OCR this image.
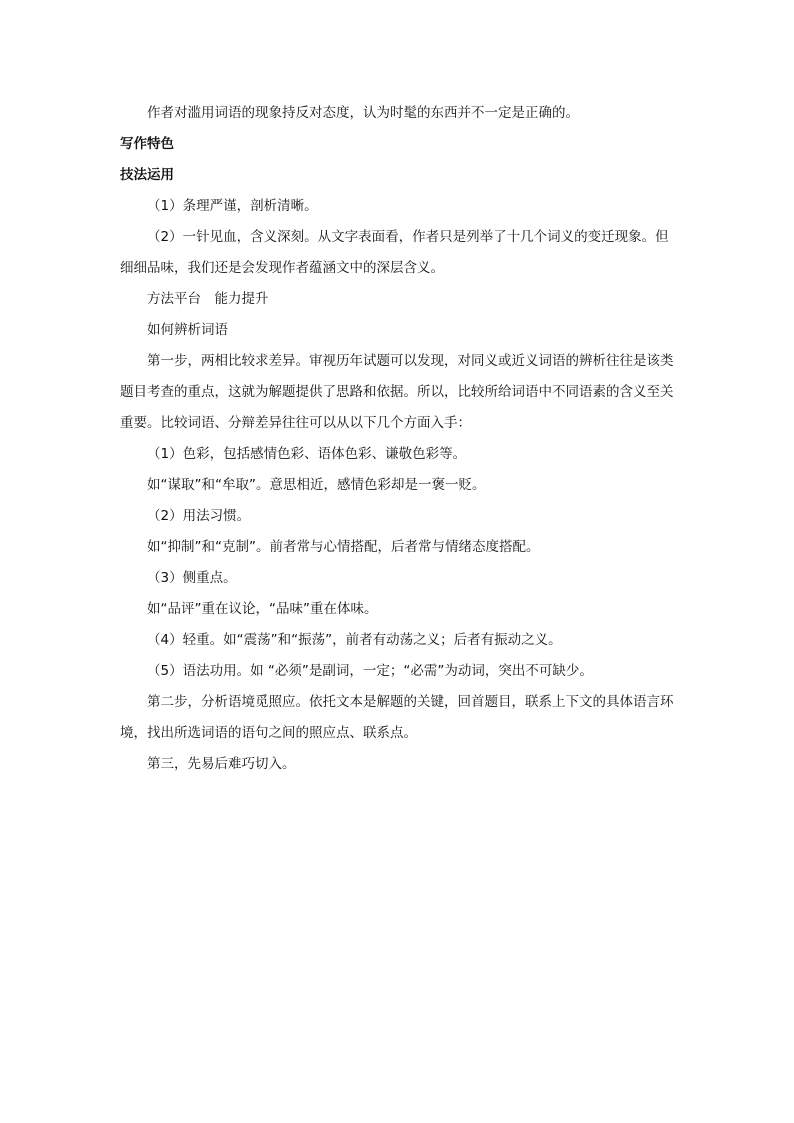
作者对滥用词语的现象持反对态度，认为时髦的东西并不一定是正确的。

写作特色

技法运用

（1）条理严谨，剖析清晰。

（2）一针见血，含义深刻。从文字表面看，作者只是列举了十几个词义的变迁现象。但细细品味，我们还是会发现作者蕴涵文中的深层含义。

方法平台　能力提升

如何辨析词语

第一步，两相比较求差异。审视历年试题可以发现，对同义或近义词语的辨析往往是该类题目考查的重点，这就为解题提供了思路和依据。所以，比较所给词语中不同语素的含义至关重要。比较词语、分辩差异往往可以从以下几个方面入手：

（1）色彩，包括感情色彩、语体色彩、谦敬色彩等。

如“谋取”和“牟取”。意思相近，感情色彩却是一褒一贬。

（2）用法习惯。

如“抑制”和“克制”。前者常与心情搭配，后者常与情绪态度搭配。

（3）侧重点。

如“品评”重在议论，“品味”重在体味。

（4）轻重。如“震荡”和“振荡”，前者有动荡之义；后者有振动之义。

（5）语法功用。如 “必须”是副词，一定；“必需”为动词，突出不可缺少。

第二步，分析语境觅照应。依托文本是解题的关键，回首题目，联系上下文的具体语言环境，找出所选词语的语句之间的照应点、联系点。

第三，先易后难巧切入。
